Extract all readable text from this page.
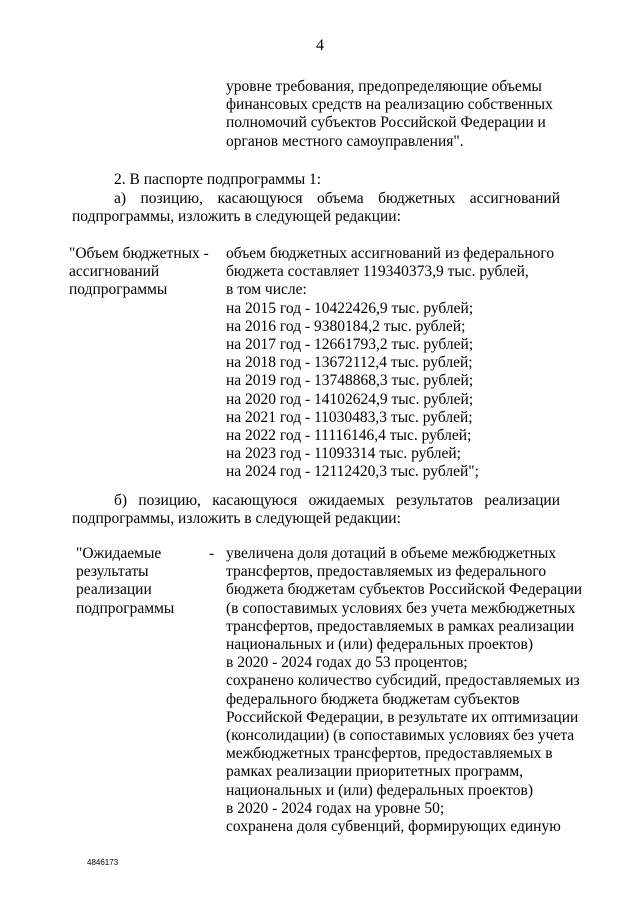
4
уровне требования, предопределяющие объемы
финансовых средств на реализацию собственных
полномочий субъектов Российской Федерации и
органов местного самоуправления".
2. В паспорте подпрограммы 1:
а) позицию, касающуюся объема бюджетных ассигнований
подпрограммы, изложить в следующей редакции:
"Объем бюджетных -
ассигнований
подпрограммы
объем бюджетных ассигнований из федерального
бюджета составляет 119340373,9 тыс. рублей,
в том числе:
на 2015 год - 10422426,9 тыс. рублей;
на 2016 год - 9380184,2 тыс. рублей;
на 2017 год - 12661793,2 тыс. рублей;
на 2018 год - 13672112,4 тыс. рублей;
на 2019 год - 13748868,3 тыс. рублей;
на 2020 год - 14102624,9 тыс. рублей;
на 2021 год - 11030483,3 тыс. рублей;
на 2022 год - 11116146,4 тыс. рублей;
на 2023 год - 11093314 тыс. рублей;
на 2024 год - 12112420,3 тыс. рублей";
б) позицию, касающуюся ожидаемых результатов реализации
подпрограммы, изложить в следующей редакции:
"Ожидаемые
результаты
реализации
подпрограммы
- увеличена доля дотаций в объеме межбюджетных
трансфертов, предоставляемых из федерального
бюджета бюджетам субъектов Российской Федерации
(в сопоставимых условиях без учета межбюджетных
трансфертов, предоставляемых в рамках реализации
национальных и (или) федеральных проектов)
в 2020 - 2024 годах до 53 процентов;
сохранено количество субсидий, предоставляемых из
федерального бюджета бюджетам субъектов
Российской Федерации, в результате их оптимизации
(консолидации) (в сопоставимых условиях без учета
межбюджетных трансфертов, предоставляемых в
рамках реализации приоритетных программ,
национальных и (или) федеральных проектов)
в 2020 - 2024 годах на уровне 50;
сохранена доля субвенций, формирующих единую
4846173
